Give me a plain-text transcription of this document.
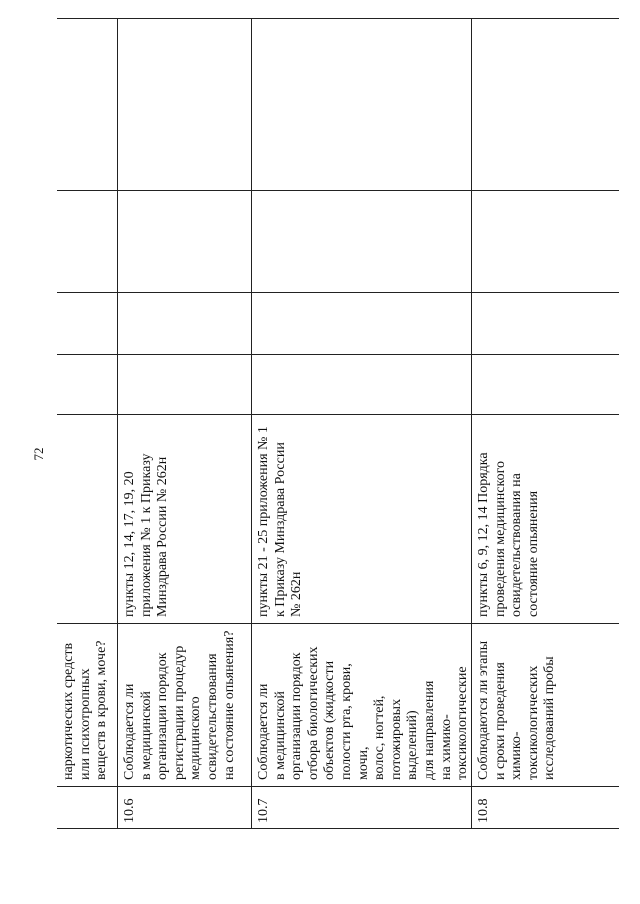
72
наркотических средств
или психотропных
веществ в крови, моче?
10.6
Соблюдается ли
в медицинской
организации порядок
регистрации процедур
медицинского
освидетельствования
на состояние опьянения?
пункты 12, 14, 17, 19, 20
приложения № 1 к Приказу
Минздрава России № 262н
10.7
Соблюдается ли
в медицинской
организации порядок
отбора биологических
объектов (жидкости
полости рта, крови, мочи,
волос, ногтей,
потожировых выделений)
для направления
на химико-
токсикологические

пункты 21 - 25 приложения № 1
к Приказу Минздрава России
№ 262н
10.8
Соблюдаются ли этапы
и сроки проведения
химико-
токсикологических
исследований пробы
пункты 6, 9, 12, 14 Порядка
проведения медицинского
освидетельствования на
состояние опьянения
